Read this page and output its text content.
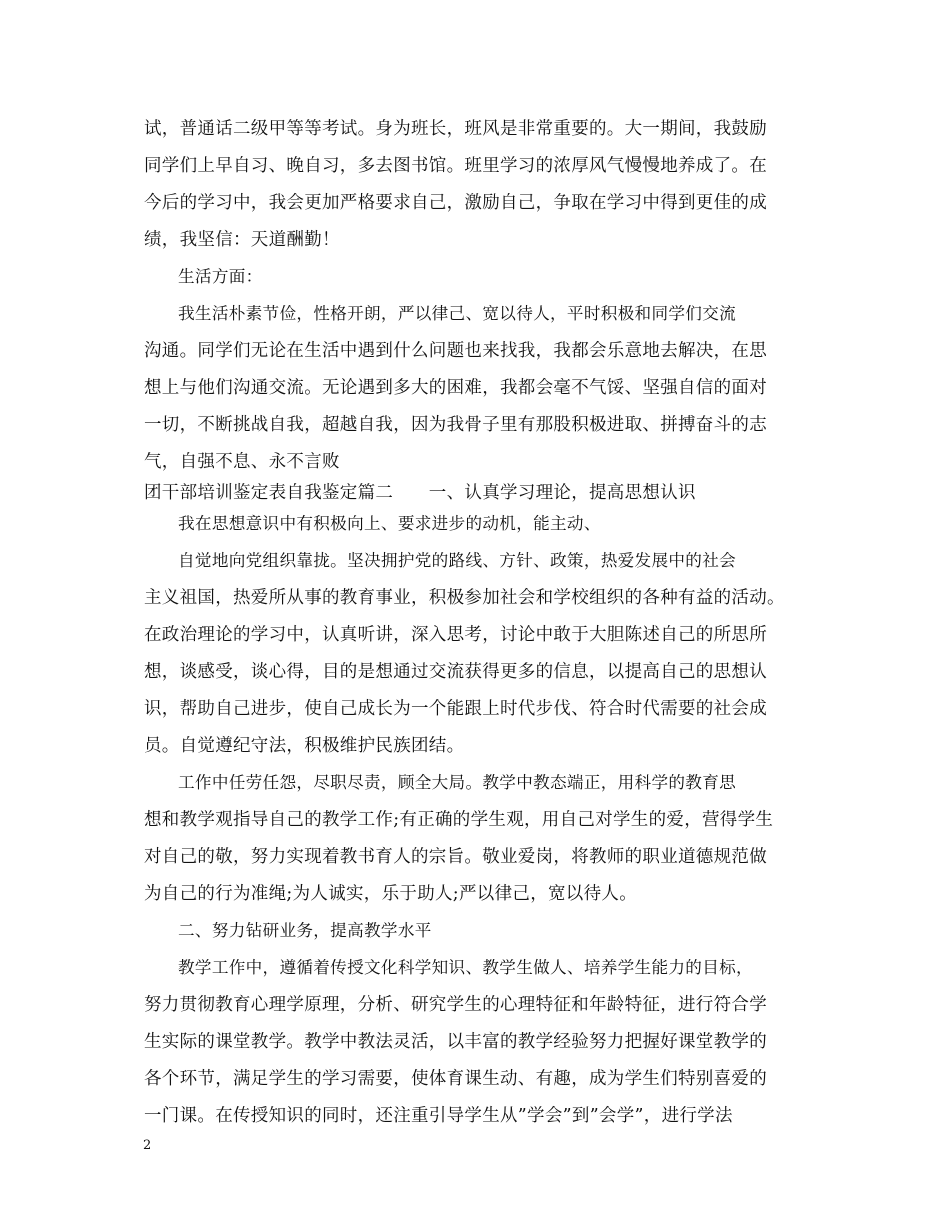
试，普通话二级甲等等考试。身为班长，班风是非常重要的。大一期间，我鼓励
同学们上早自习、晚自习，多去图书馆。班里学习的浓厚风气慢慢地养成了。在
今后的学习中，我会更加严格要求自己，激励自己，争取在学习中得到更佳的成
绩，我坚信：天道酬勤！
生活方面：
我生活朴素节俭，性格开朗，严以律己、宽以待人，平时积极和同学们交流
沟通。同学们无论在生活中遇到什么问题也来找我，我都会乐意地去解决，在思
想上与他们沟通交流。无论遇到多大的困难，我都会毫不气馁、坚强自信的面对
一切，不断挑战自我，超越自我，因为我骨子里有那股积极进取、拼搏奋斗的志
气，自强不息、永不言败
团干部培训鉴定表自我鉴定篇二　　一、认真学习理论，提高思想认识
我在思想意识中有积极向上、要求进步的动机，能主动、
自觉地向党组织靠拢。坚决拥护党的路线、方针、政策，热爱发展中的社会
主义祖国，热爱所从事的教育事业，积极参加社会和学校组织的各种有益的活动。
在政治理论的学习中，认真听讲，深入思考，讨论中敢于大胆陈述自己的所思所
想，谈感受，谈心得，目的是想通过交流获得更多的信息，以提高自己的思想认
识，帮助自己进步，使自己成长为一个能跟上时代步伐、符合时代需要的社会成
员。自觉遵纪守法，积极维护民族团结。
工作中任劳任怨，尽职尽责，顾全大局。教学中教态端正，用科学的教育思
想和教学观指导自己的教学工作;有正确的学生观，用自己对学生的爱，营得学生
对自己的敬，努力实现着教书育人的宗旨。敬业爱岗，将教师的职业道德规范做
为自己的行为准绳;为人诚实，乐于助人;严以律己，宽以待人。
二、努力钻研业务，提高教学水平
教学工作中，遵循着传授文化科学知识、教学生做人、培养学生能力的目标，
努力贯彻教育心理学原理，分析、研究学生的心理特征和年龄特征，进行符合学
生实际的课堂教学。教学中教法灵活，以丰富的教学经验努力把握好课堂教学的
各个环节，满足学生的学习需要，使体育课生动、有趣，成为学生们特别喜爱的
一门课。在传授知识的同时，还注重引导学生从”学会”到”会学”，进行学法
2
